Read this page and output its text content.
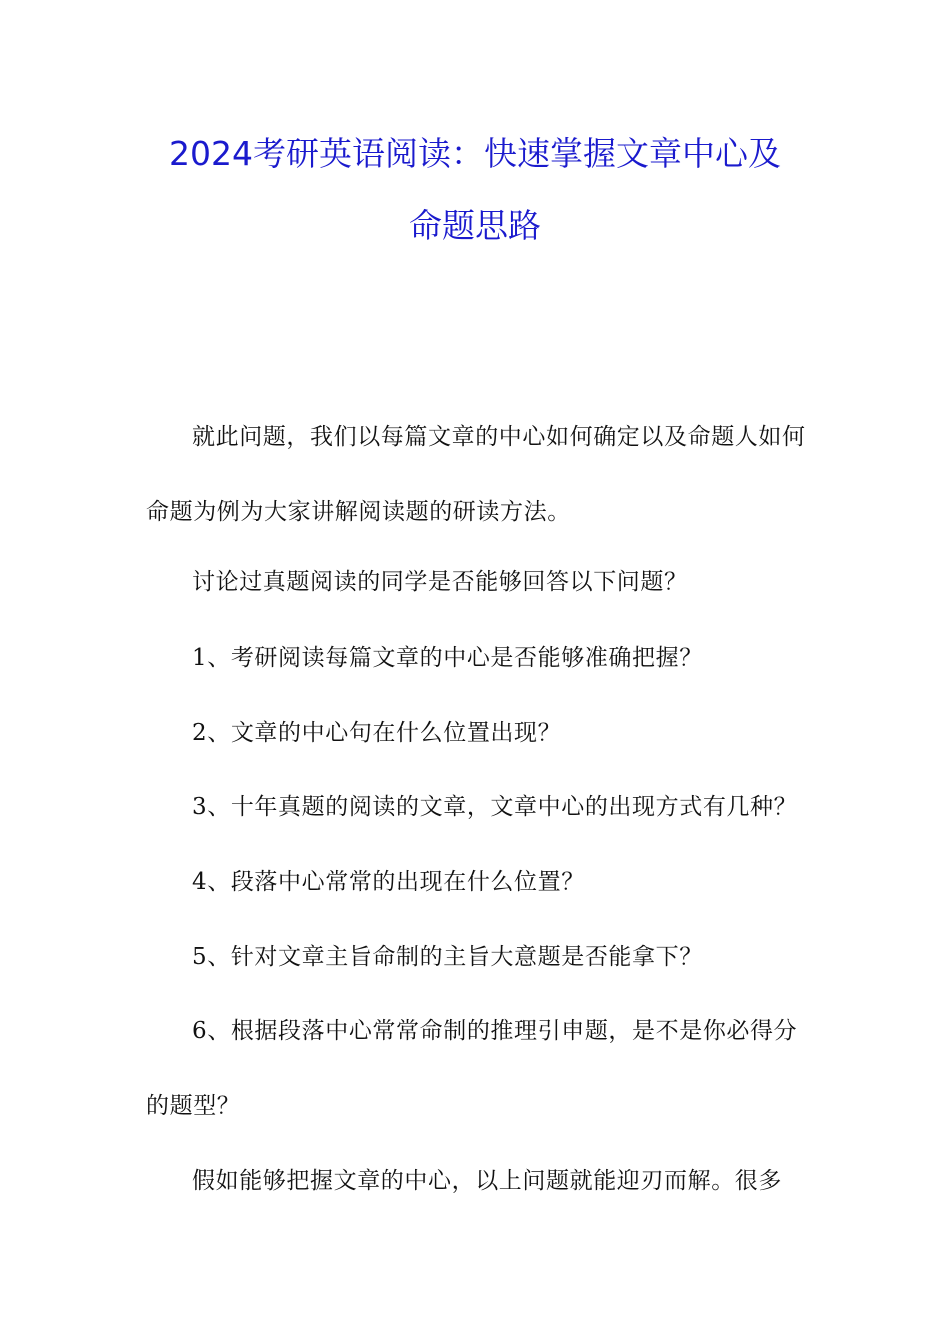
2024考研英语阅读：快速掌握文章中心及
命题思路

就此问题，我们以每篇文章的中心如何确定以及命题人如何命题为例为大家讲解阅读题的研读方法。

讨论过真题阅读的同学是否能够回答以下问题？

1、考研阅读每篇文章的中心是否能够准确把握？

2、文章的中心句在什么位置出现？

3、十年真题的阅读的文章，文章中心的出现方式有几种？

4、段落中心常常的出现在什么位置？

5、针对文章主旨命制的主旨大意题是否能拿下？

6、根据段落中心常常命制的推理引申题，是不是你必得分的题型？

假如能够把握文章的中心，以上问题就能迎刃而解。很多
